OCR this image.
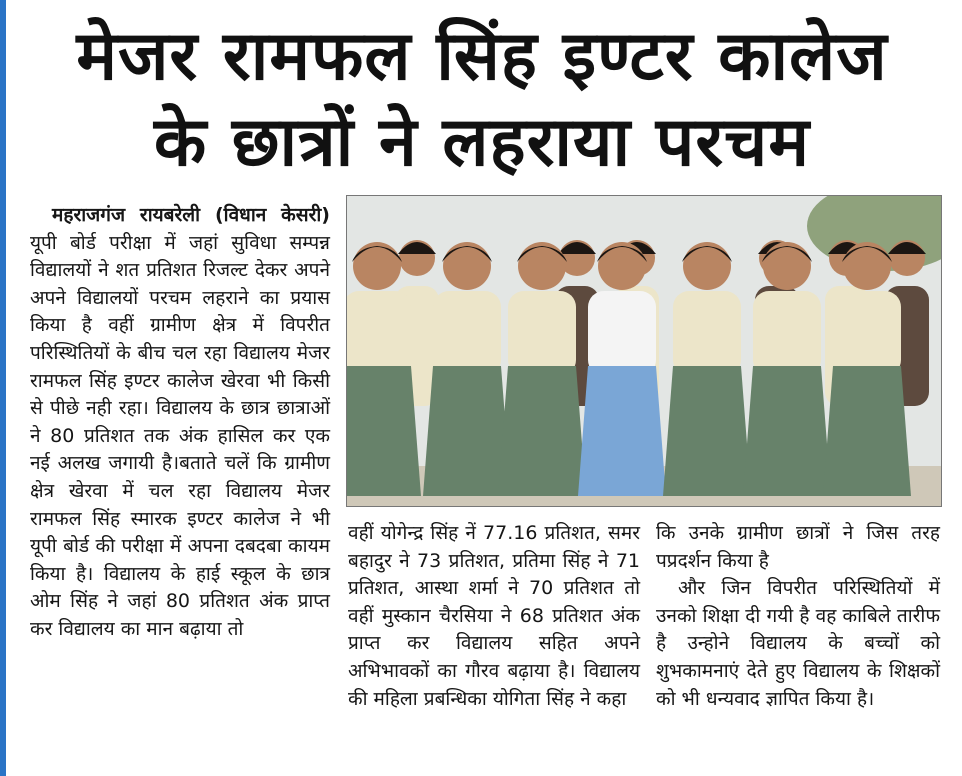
मेजर रामफल सिंह इण्टर कालेज
के छात्रों ने लहराया परचम
महराजगंज रायबरेली (विधान केसरी) यूपी बोर्ड परीक्षा में जहां सुविधा सम्पन्न विद्यालयों ने शत प्रतिशत रिजल्ट देकर अपने अपने विद्यालयों परचम लहराने का प्रयास किया है वहीं ग्रामीण क्षेत्र में विपरीत परिस्थितियों के बीच चल रहा विद्यालय मेजर रामफल सिंह इण्टर कालेज खेरवा भी किसी से पीछे नही रहा। विद्यालय के छात्र छात्राओं ने 80 प्रतिशत तक अंक हासिल कर एक नई अलख जगायी है।बताते चलें कि ग्रामीण क्षेत्र खेरवा में चल रहा विद्यालय मेजर रामफल सिंह स्मारक इण्टर कालेज ने भी यूपी बोर्ड की परीक्षा में अपना दबदबा कायम किया है। विद्यालय के हाई स्कूल के छात्र ओम सिंह ने जहां 80 प्रतिशत अंक प्राप्त कर विद्यालय का मान बढ़ाया तो
वहीं योगेन्द्र सिंह नें 77.16 प्रतिशत, समर बहादुर ने 73 प्रतिशत, प्रतिमा सिंह ने 71 प्रतिशत, आस्था शर्मा ने 70 प्रतिशत तो वहीं मुस्कान चैरसिया ने 68 प्रतिशत अंक प्राप्त कर विद्यालय सहित अपने अभिभावकों का गौरव बढ़ाया है। विद्यालय की महिला प्रबन्धिका योगिता सिंह ने कहा
कि उनके ग्रामीण छात्रों ने जिस तरह पप्रदर्शन किया है
और जिन विपरीत परिस्थितियों में उनको शिक्षा दी गयी है वह काबिले तारीफ है उन्होने विद्यालय के बच्चों को शुभकामनाएं देते हुए विद्यालय के शिक्षकों को भी धन्यवाद ज्ञापित किया है।
